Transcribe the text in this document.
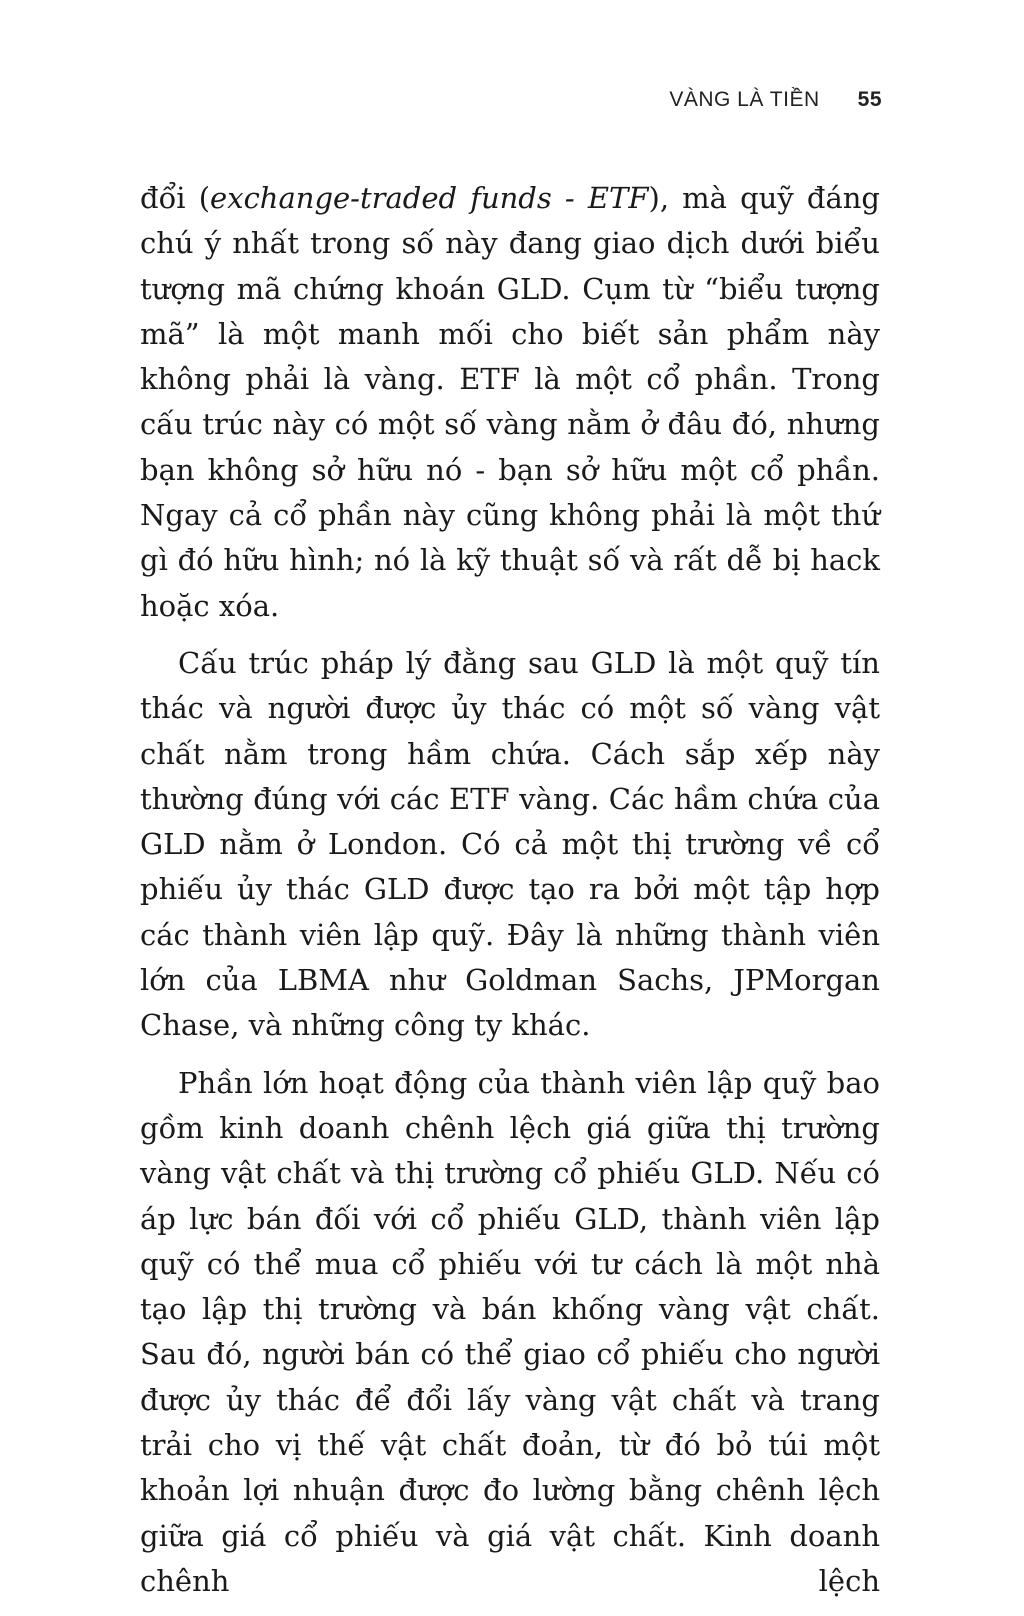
VÀNG LÀ TIỀN 55

đổi (exchange-traded funds - ETF), mà quỹ đáng chú ý nhất trong số này đang giao dịch dưới biểu tượng mã chứng khoán GLD. Cụm từ “biểu tượng mã” là một manh mối cho biết sản phẩm này không phải là vàng. ETF là một cổ phần. Trong cấu trúc này có một số vàng nằm ở đâu đó, nhưng bạn không sở hữu nó - bạn sở hữu một cổ phần. Ngay cả cổ phần này cũng không phải là một thứ gì đó hữu hình; nó là kỹ thuật số và rất dễ bị hack hoặc xóa.

Cấu trúc pháp lý đằng sau GLD là một quỹ tín thác và người được ủy thác có một số vàng vật chất nằm trong hầm chứa. Cách sắp xếp này thường đúng với các ETF vàng. Các hầm chứa của GLD nằm ở London. Có cả một thị trường về cổ phiếu ủy thác GLD được tạo ra bởi một tập hợp các thành viên lập quỹ. Đây là những thành viên lớn của LBMA như Goldman Sachs, JPMorgan Chase, và những công ty khác.

Phần lớn hoạt động của thành viên lập quỹ bao gồm kinh doanh chênh lệch giá giữa thị trường vàng vật chất và thị trường cổ phiếu GLD. Nếu có áp lực bán đối với cổ phiếu GLD, thành viên lập quỹ có thể mua cổ phiếu với tư cách là một nhà tạo lập thị trường và bán khống vàng vật chất. Sau đó, người bán có thể giao cổ phiếu cho người được ủy thác để đổi lấy vàng vật chất và trang trải cho vị thế vật chất đoản, từ đó bỏ túi một khoản lợi nhuận được đo lường bằng chênh lệch giữa giá cổ phiếu và giá vật chất. Kinh doanh chênh lệch
